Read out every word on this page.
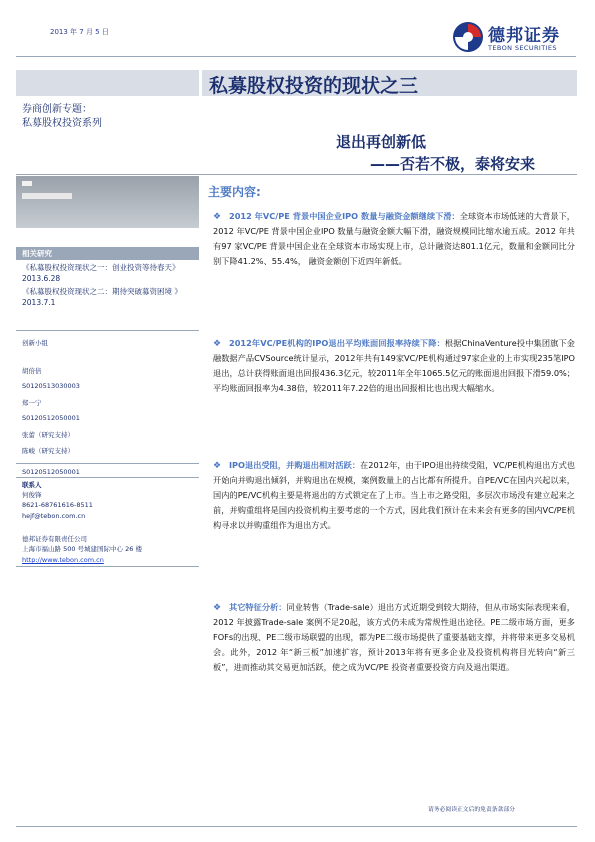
2013 年 7 月 5 日	德邦证券
TEBON SECURITIES
私募股权投资的现状之三
券商创新专题：
私募股权投资系列
退出再创新低
——否若不极，泰将安来
主要内容:
相关研究
《私募股权投资现状之一：创业投资等待春天》2013.6.28
《私募股权投资现状之二：期待突破募资困境 》2013.7.1
创新小组
胡倍倍
S0120513030003
郑一宁
S0120512050001
张蕾（研究支持）
陈峻（研究支持）
S0120512050001
联系人
何俊锋
8621-68761616-8511
hejf@tebon.com.cn
德邦证券有限责任公司
上海市福山路 500 号城建国际中心 26 楼
http://www.tebon.com.cn
❖ 2012 年VC/PE 背景中国企业IPO 数量与融资金额继续下滑：全球资本市场低迷的大背景下，2012 年VC/PE 背景中国企业IPO 数量与融资金额大幅下滑，融资规模同比缩水逾五成。2012 年共有97 家VC/PE 背景中国企业在全球资本市场实现上市，总计融资达801.1亿元，数量和金额同比分别下降41.2%、55.4%， 融资金额创下近四年新低。
❖ 2012年VC/PE机构的IPO退出平均账面回报率持续下降：根据ChinaVenture投中集团旗下金融数据产品CVSource统计显示，2012年共有149家VC/PE机构通过97家企业的上市实现235笔IPO退出，总计获得账面退出回报436.3亿元，较2011年全年1065.5亿元的账面退出回报下滑59.0%；平均账面回报率为4.38倍，较2011年7.22倍的退出回报相比也出现大幅缩水。
❖ IPO退出受阻，并购退出相对活跃：在2012年，由于IPO退出持续受阻，VC/PE机构退出方式也开始向并购退出倾斜，并购退出在规模，案例数量上的占比都有所提升。自PE/VC在国内兴起以来，国内的PE/VC机构主要是将退出的方式锁定在了上市。当上市之路受阻，多层次市场没有建立起来之前，并购重组将是国内投资机构主要考虑的一个方式，因此我们预计在未来会有更多的国内VC/PE机构寻求以并购重组作为退出方式。
❖ 其它特征分析：同业转售（Trade-sale）退出方式近期受到较大期待，但从市场实际表现来看，2012 年披露Trade-sale 案例不足20起，该方式仍未成为常规性退出途径。PE二级市场方面，更多FOFs的出现、PE二级市场联盟的出现，都为PE二级市场提供了重要基础支撑，并将带来更多交易机会。此外，2012 年“新三板”加速扩容，预计2013年将有更多企业及投资机构将目光转向“新三板”，进而推动其交易更加活跃，使之成为VC/PE 投资者重要投资方向及退出渠道。
请务必阅读正文后的免责条款部分
